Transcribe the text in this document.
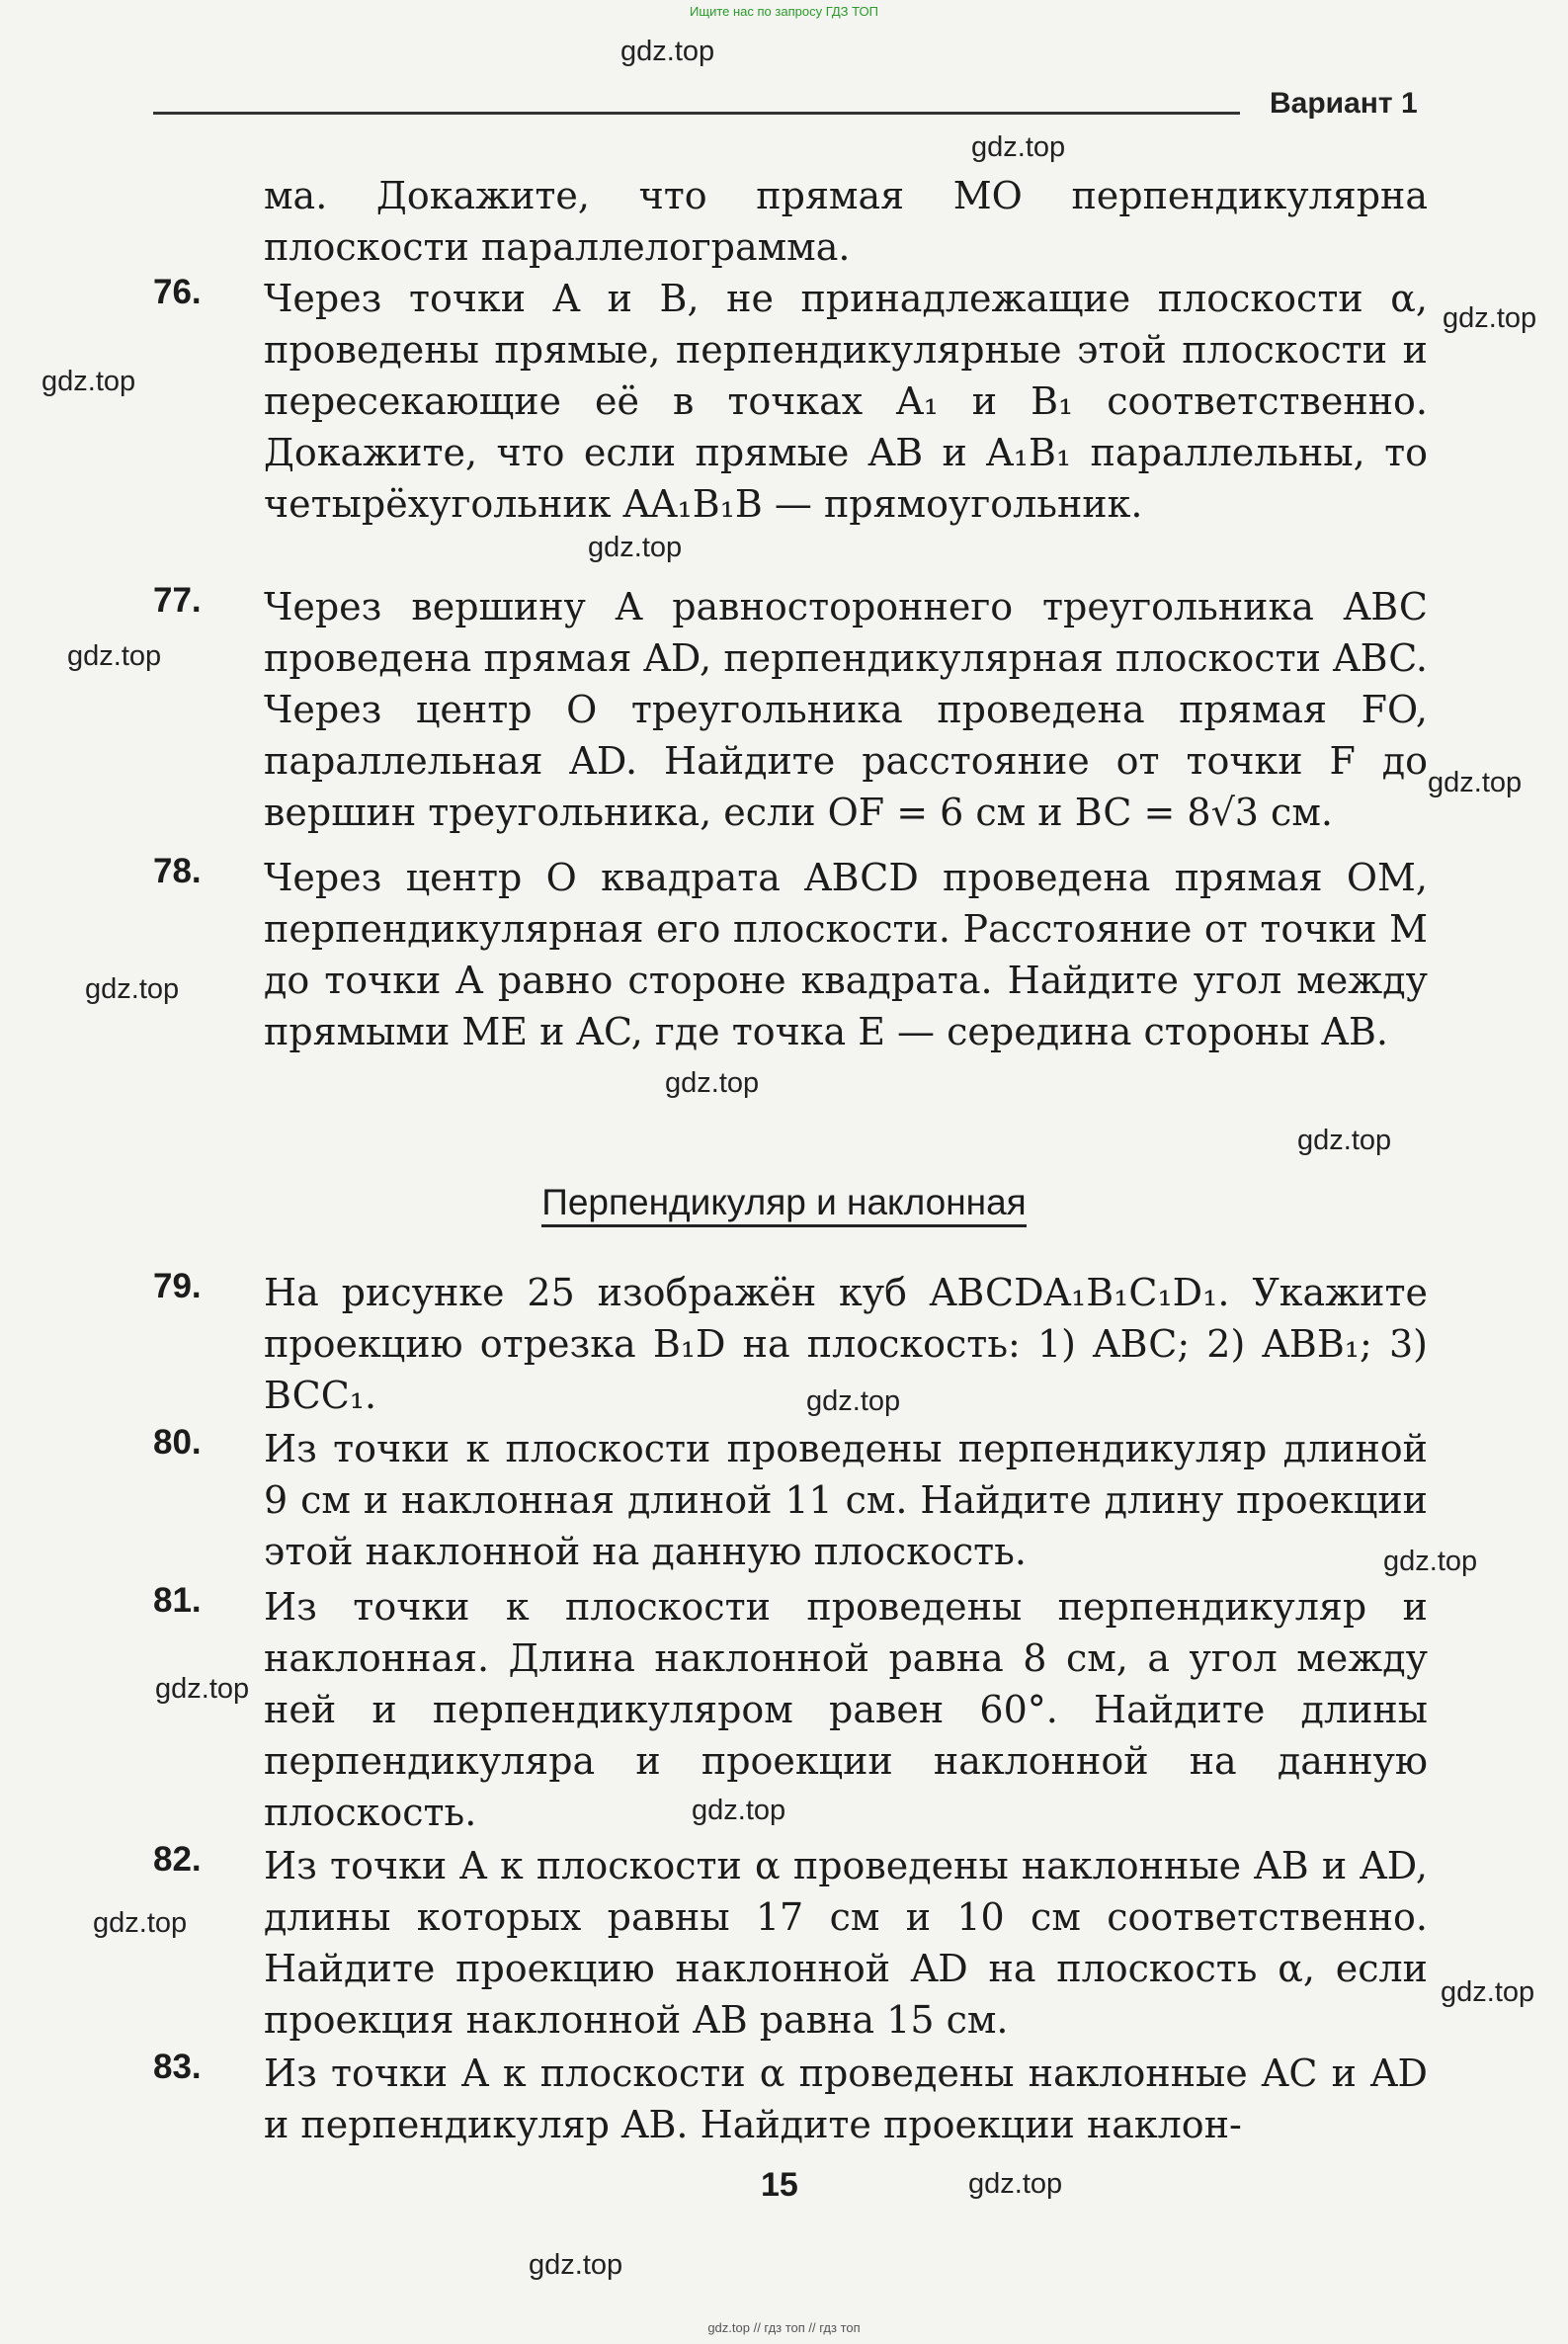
Ищите нас по запросу ГДЗ ТОП
Вариант 1
ма. Докажите, что прямая MO перпендикулярна плоскости параллелограмма.
76. Через точки A и B, не принадлежащие плоскости α, проведены прямые, перпендикулярные этой плоскости и пересекающие её в точках A₁ и B₁ соответственно. Докажите, что если прямые AB и A₁B₁ параллельны, то четырёхугольник AA₁B₁B — прямоугольник.
77. Через вершину A равностороннего треугольника ABC проведена прямая AD, перпендикулярная плоскости ABC. Через центр O треугольника проведена прямая FO, параллельная AD. Найдите расстояние от точки F до вершин треугольника, если OF = 6 см и BC = 8√3 см.
78. Через центр O квадрата ABCD проведена прямая OM, перпендикулярная его плоскости. Расстояние от точки M до точки A равно стороне квадрата. Найдите угол между прямыми ME и AC, где точка E — середина стороны AB.
Перпендикуляр и наклонная
79. На рисунке 25 изображён куб ABCDA₁B₁C₁D₁. Укажите проекцию отрезка B₁D на плоскость: 1) ABC; 2) ABB₁; 3) BCC₁.
80. Из точки к плоскости проведены перпендикуляр длиной 9 см и наклонная длиной 11 см. Найдите длину проекции этой наклонной на данную плоскость.
81. Из точки к плоскости проведены перпендикуляр и наклонная. Длина наклонной равна 8 см, а угол между ней и перпендикуляром равен 60°. Найдите длины перпендикуляра и проекции наклонной на данную плоскость.
82. Из точки A к плоскости α проведены наклонные AB и AD, длины которых равны 17 см и 10 см соответственно. Найдите проекцию наклонной AD на плоскость α, если проекция наклонной AB равна 15 см.
83. Из точки A к плоскости α проведены наклонные AC и AD и перпендикуляр AB. Найдите проекции наклон-
15
gdz.top
gdz.top
gdz.top
gdz.top
gdz.top
gdz.top
gdz.top
gdz.top
gdz.top
gdz.top
gdz.top
gdz.top
gdz.top
gdz.top
gdz.top
gdz.top
gdz.top
gdz.top
gdz.top // гдз топ // гдз топ
